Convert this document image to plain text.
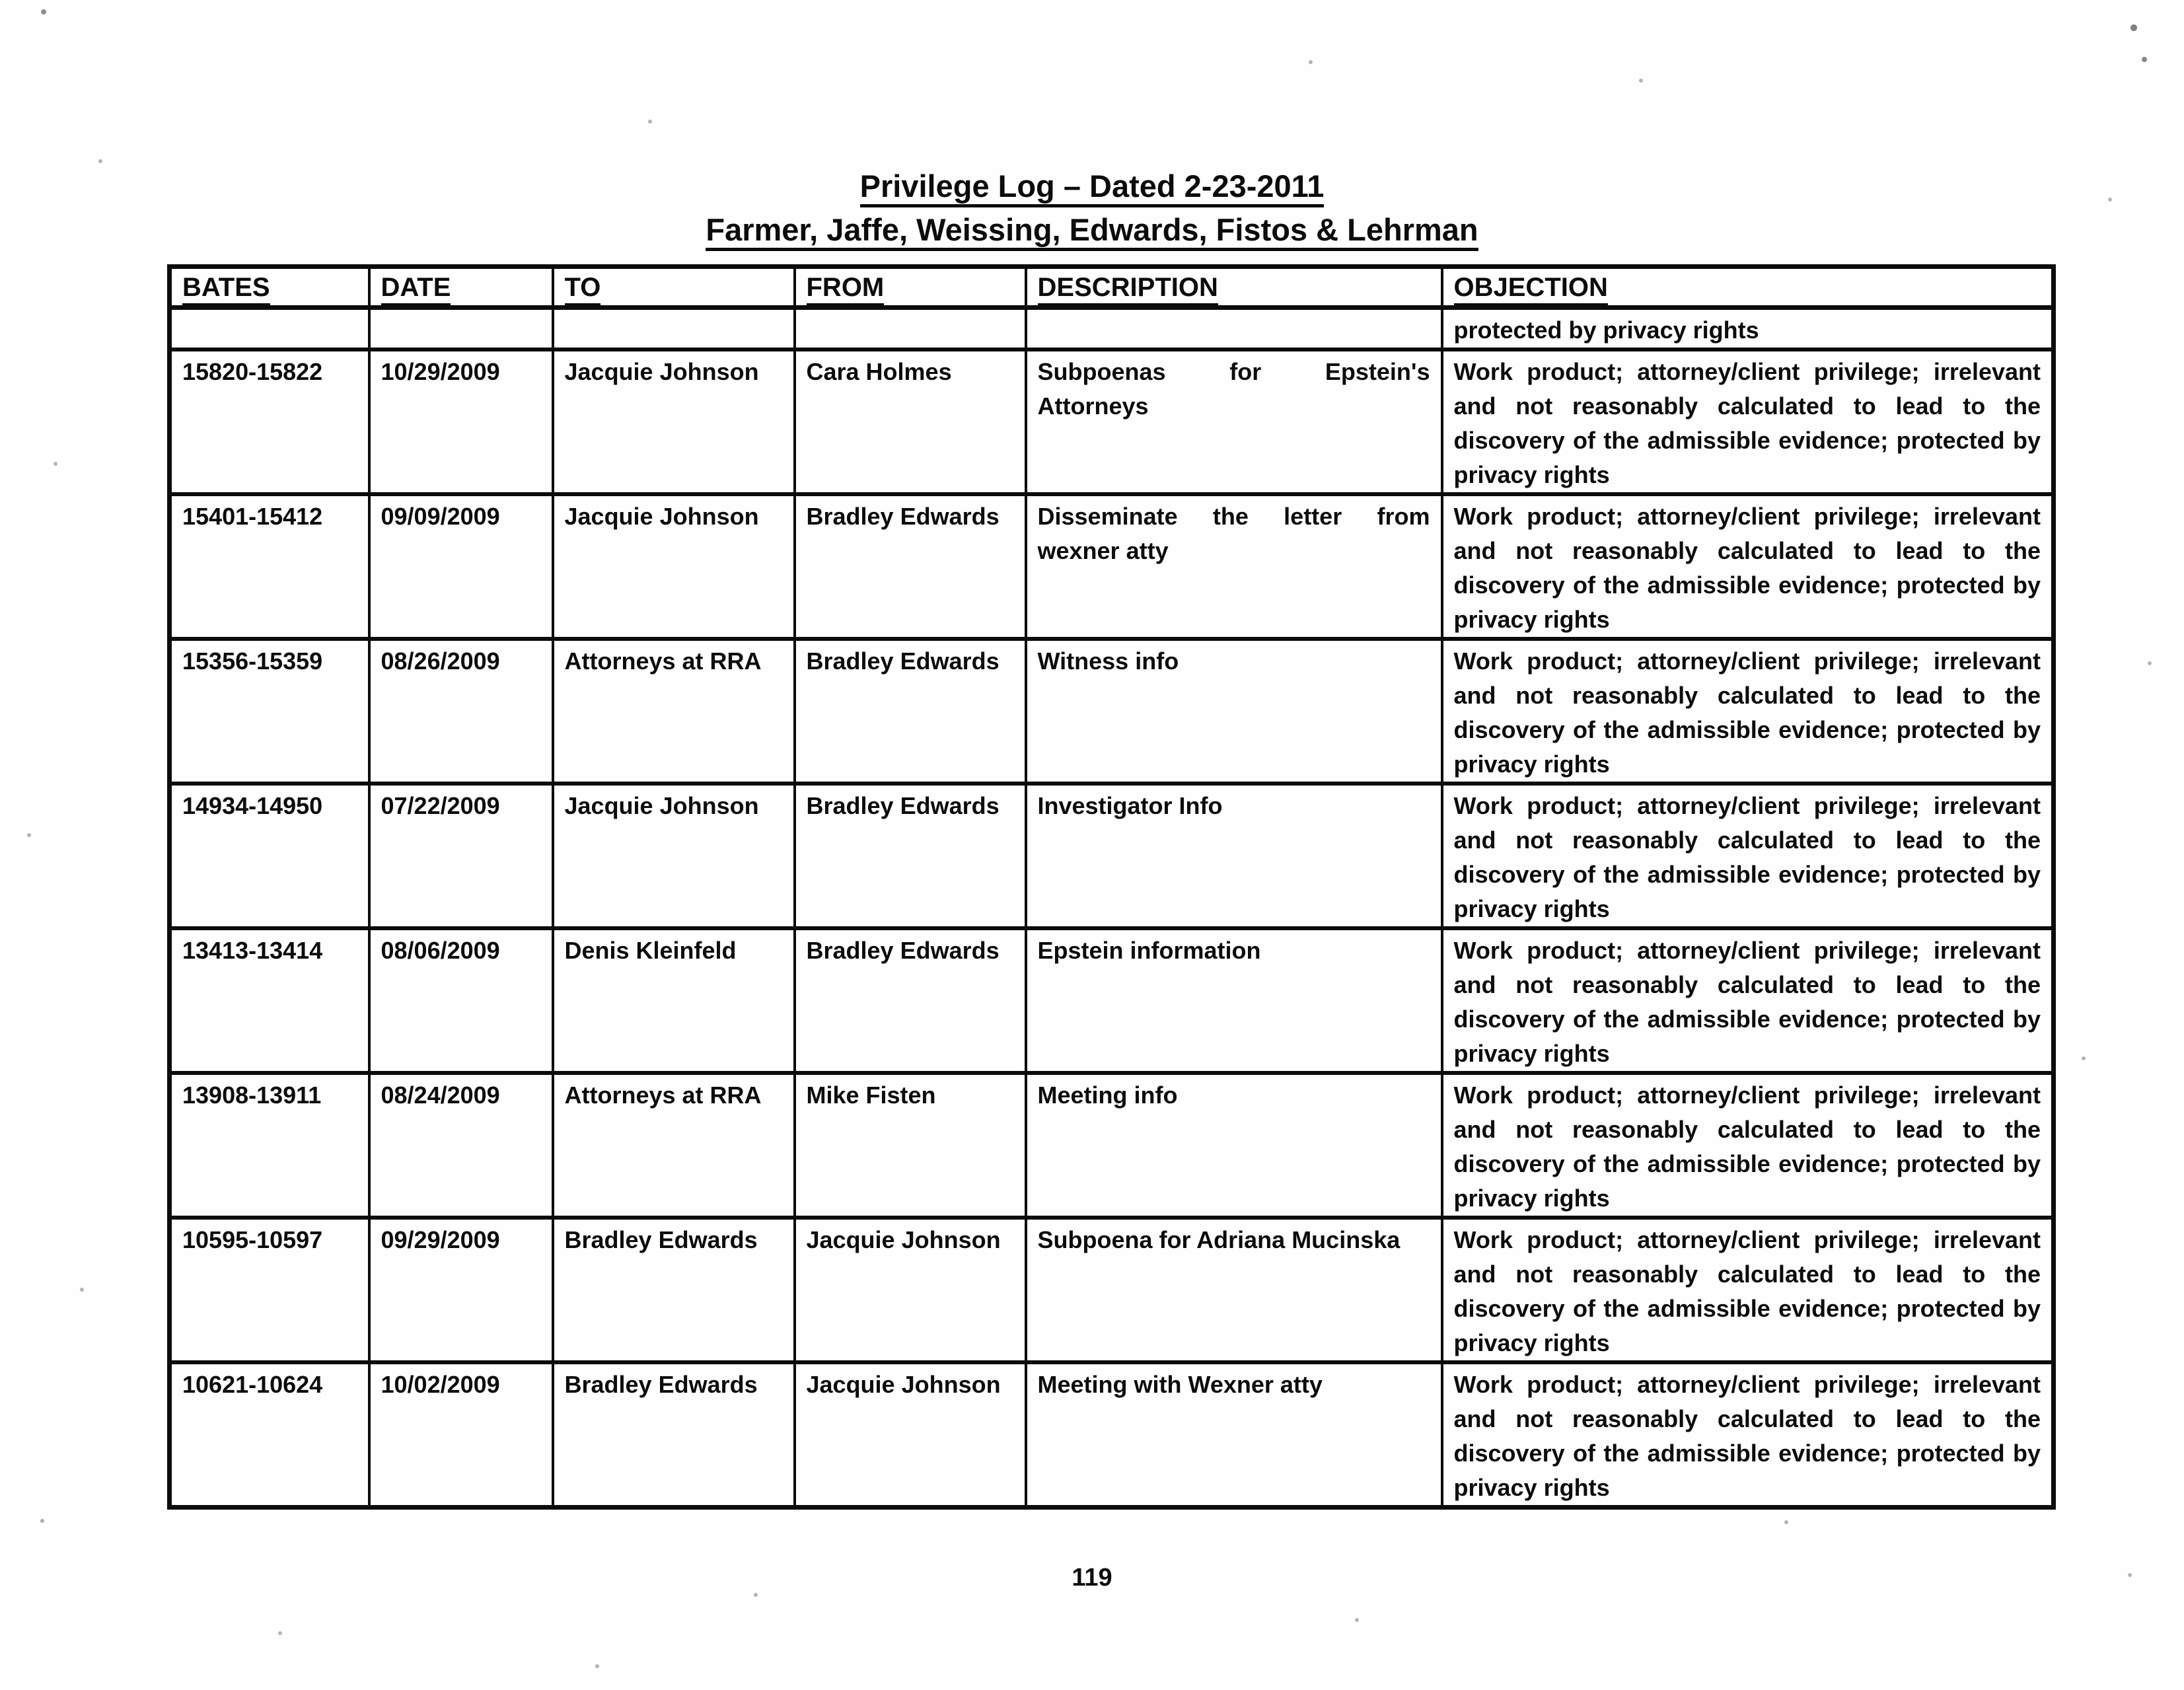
Privilege Log – Dated 2-23-2011
Farmer, Jaffe, Weissing, Edwards, Fistos & Lehrman
BATES	DATE	TO	FROM	DESCRIPTION	OBJECTION
					protected by privacy rights
15820-15822	10/29/2009	Jacquie Johnson	Cara Holmes	Subpoenas for Epstein's Attorneys	Work product; attorney/client privilege; irrelevant and not reasonably calculated to lead to the discovery of the admissible evidence; protected by privacy rights
15401-15412	09/09/2009	Jacquie Johnson	Bradley Edwards	Disseminate the letter from wexner atty	Work product; attorney/client privilege; irrelevant and not reasonably calculated to lead to the discovery of the admissible evidence; protected by privacy rights
15356-15359	08/26/2009	Attorneys at RRA	Bradley Edwards	Witness info	Work product; attorney/client privilege; irrelevant and not reasonably calculated to lead to the discovery of the admissible evidence; protected by privacy rights
14934-14950	07/22/2009	Jacquie Johnson	Bradley Edwards	Investigator Info	Work product; attorney/client privilege; irrelevant and not reasonably calculated to lead to the discovery of the admissible evidence; protected by privacy rights
13413-13414	08/06/2009	Denis Kleinfeld	Bradley Edwards	Epstein information	Work product; attorney/client privilege; irrelevant and not reasonably calculated to lead to the discovery of the admissible evidence; protected by privacy rights
13908-13911	08/24/2009	Attorneys at RRA	Mike Fisten	Meeting info	Work product; attorney/client privilege; irrelevant and not reasonably calculated to lead to the discovery of the admissible evidence; protected by privacy rights
10595-10597	09/29/2009	Bradley Edwards	Jacquie Johnson	Subpoena for Adriana Mucinska	Work product; attorney/client privilege; irrelevant and not reasonably calculated to lead to the discovery of the admissible evidence; protected by privacy rights
10621-10624	10/02/2009	Bradley Edwards	Jacquie Johnson	Meeting with Wexner atty	Work product; attorney/client privilege; irrelevant and not reasonably calculated to lead to the discovery of the admissible evidence; protected by privacy rights
119
